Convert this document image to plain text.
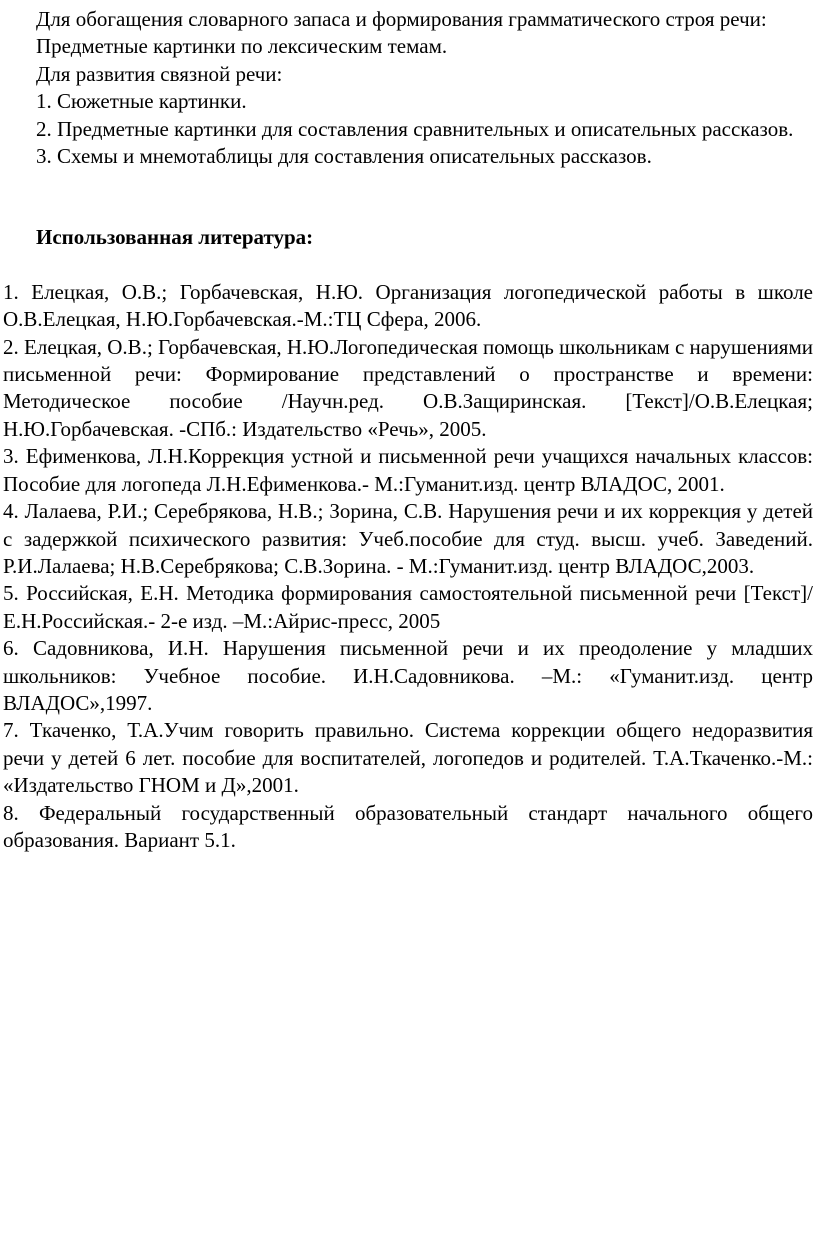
Для обогащения словарного запаса и формирования грамматического строя речи:

Предметные картинки по лексическим темам.

Для развития связной речи:

1. Сюжетные картинки.

2. Предметные картинки для составления сравнительных и описательных рассказов.

3. Схемы и мнемотаблицы для составления описательных рассказов.

Использованная литература:

1. Елецкая, О.В.; Горбачевская, Н.Ю. Организация логопедической работы в школе О.В.Елецкая, Н.Ю.Горбачевская.-М.:ТЦ Сфера, 2006.
2. Елецкая, О.В.; Горбачевская, Н.Ю.Логопедическая помощь школьникам с нарушениями письменной речи: Формирование представлений о пространстве и времени: Методическое пособие /Научн.ред. О.В.Защиринская. [Текст]/О.В.Елецкая; Н.Ю.Горбачевская. -СПб.: Издательство «Речь», 2005.
3. Ефименкова, Л.Н.Коррекция устной и письменной речи учащихся начальных классов: Пособие для логопеда Л.Н.Ефименкова.- М.:Гуманит.изд. центр ВЛАДОС, 2001.
4. Лалаева, Р.И.; Серебрякова, Н.В.; Зорина, С.В. Нарушения речи и их коррекция у детей с задержкой психического развития: Учеб.пособие для студ. высш. учеб. Заведений. Р.И.Лалаева; Н.В.Серебрякова; С.В.Зорина. - М.:Гуманит.изд. центр ВЛАДОС,2003.
5. Российская, Е.Н. Методика формирования самостоятельной письменной речи [Текст]/Е.Н.Российская.- 2-е изд. –М.:Айрис-пресс, 2005
6. Садовникова, И.Н. Нарушения письменной речи и их преодоление у младших школьников: Учебное пособие. И.Н.Садовникова. –М.: «Гуманит.изд. центр ВЛАДОС»,1997.
7. Ткаченко, Т.А.Учим говорить правильно. Система коррекции общего недоразвития речи у детей 6 лет. пособие для воспитателей, логопедов и родителей. Т.А.Ткаченко.-М.: «Издательство ГНОМ и Д»,2001.
8. Федеральный государственный образовательный стандарт начального общего образования. Вариант 5.1.
